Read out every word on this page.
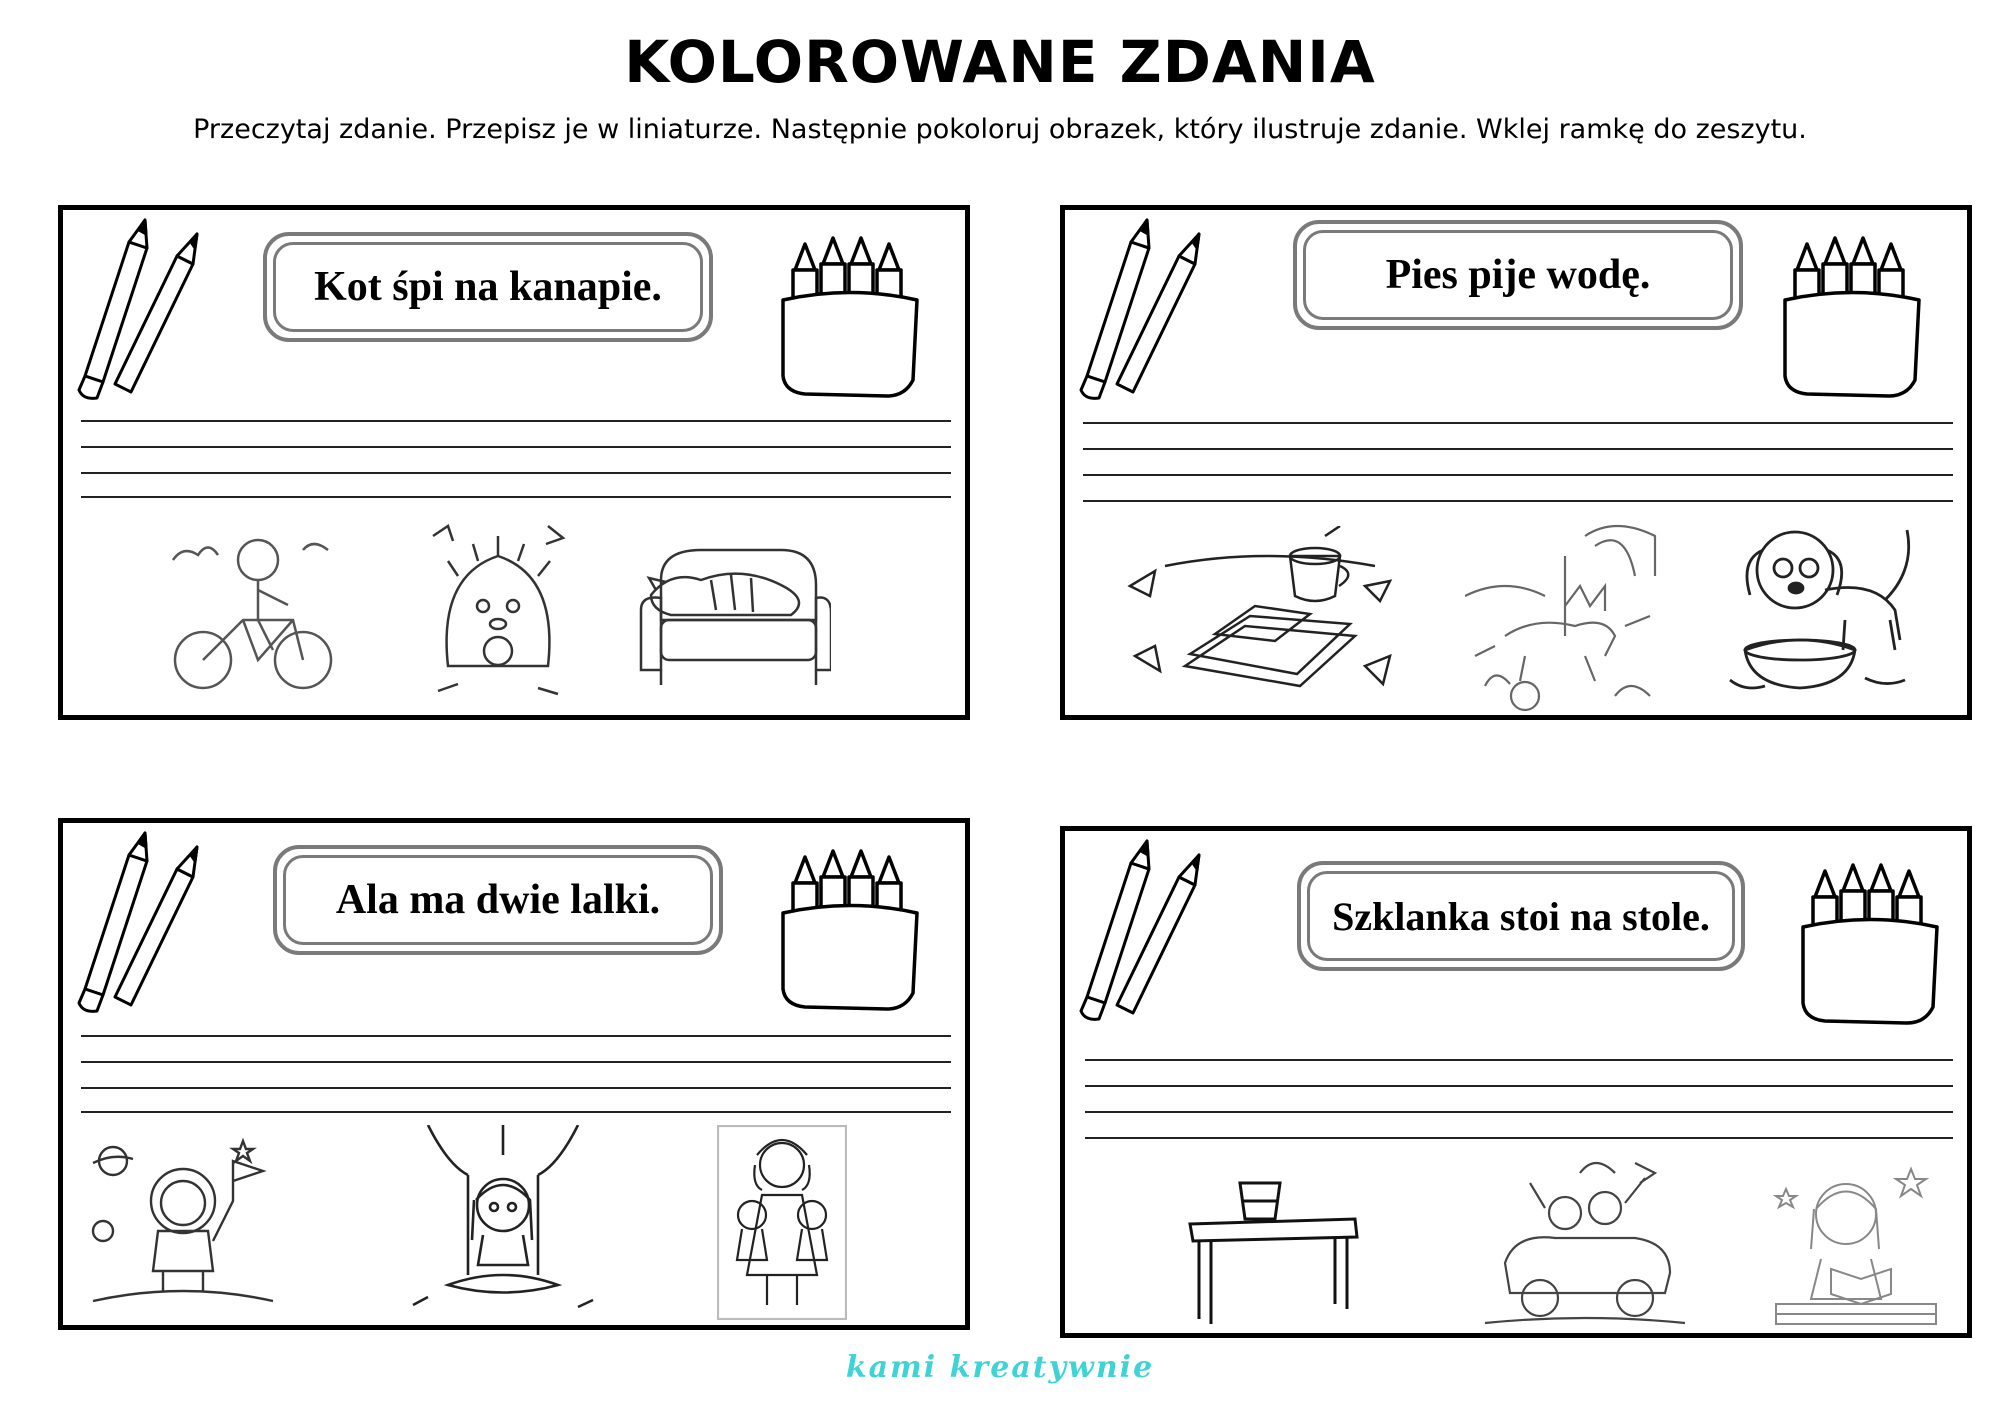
KOLOROWANE ZDANIA
Przeczytaj zdanie. Przepisz je w liniaturze. Następnie pokoloruj obrazek, który ilustruje zdanie. Wklej ramkę do zeszytu.
Kot śpi na kanapie.	Pies pije wodę.
Ala ma dwie lalki.	Szklanka stoi na stole.
kami kreatywnie
